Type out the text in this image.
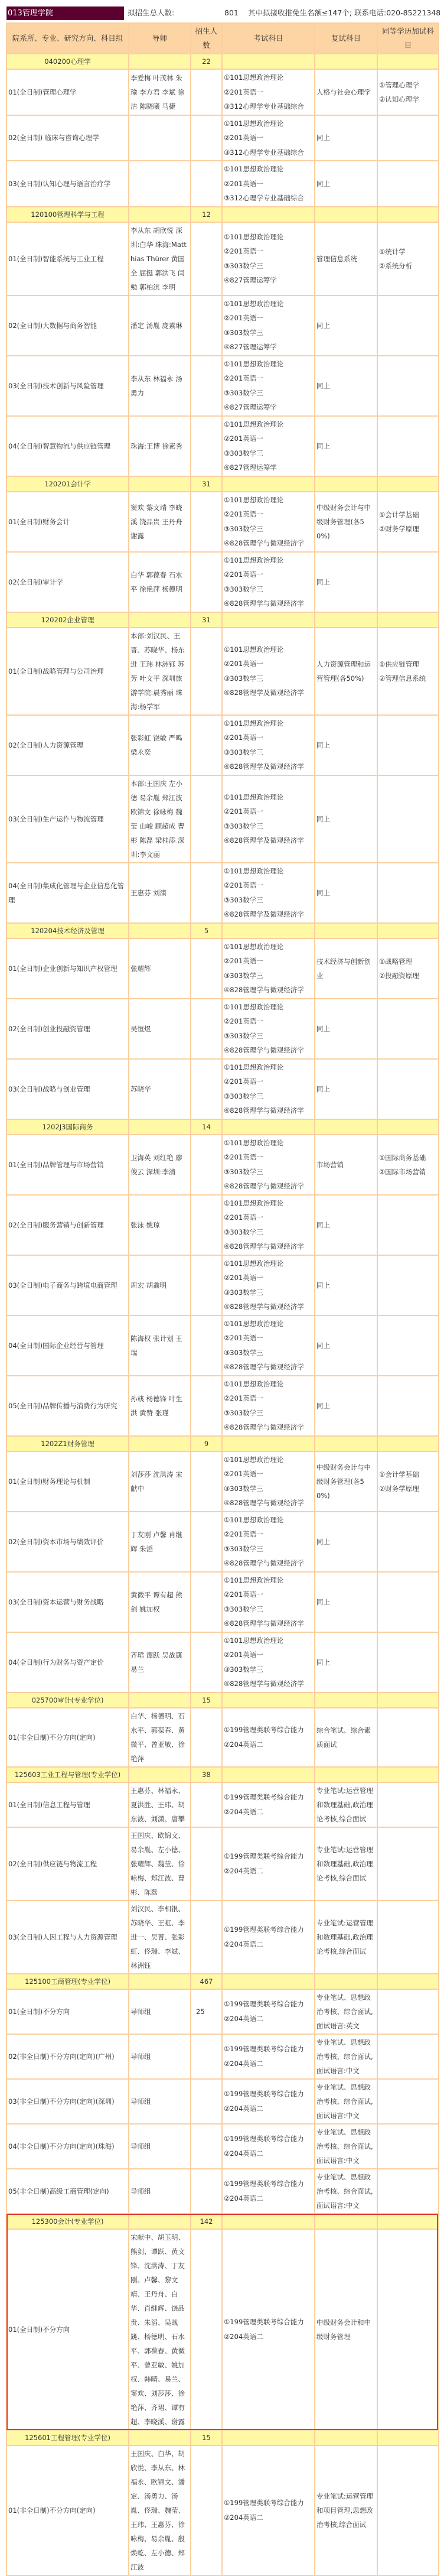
013管理学院	拟招生总人数:	801 其中拟接收推免生名额≤147个; 联系电话:020-85221348
院系所、专业、研究方向、科目组	导师	招生人数	考试科目	复试科目	同等学历加试科目
040200心理学		22			
01(全日制)管理心理学	李爱梅 叶茂林 朱瑜 李方君 李斌 徐洁 陈晓曦 马捷		
①101思想政治理论
②201英语一
③312心理学专业基础综合
	人格与社会心理学	
①管理心理学
②认知心理学

02(全日制) 临床与咨询心理学			①101思想政治理论
②201英语一
③312心理学专业基础综合	同上	
03(全日制)认知心理与语言治疗学			①101思想政治理论
②201英语一
③312心理学专业基础综合	同上	
120100管理科学与工程		12			
01(全日制)智能系统与工业工程	李从东 胡欣悦 深圳:白华 珠海:Matthias Thürer 黄国全 屈挺 郭洪飞 闫勉 郭柏淇 李明		
①101思想政治理论
②201英语一
③303数学三
④827管理运筹学
	管理信息系统	
①统计学
②系统分析

02(全日制)大数据与商务智能	潘定 汤胤 庞素琳		①101思想政治理论
②201英语一
③303数学三
④827管理运筹学	同上	
03(全日制)技术创新与风险管理	李从东 林福永 汤勇力		①101思想政治理论
②201英语一
③303数学三
④827管理运筹学	同上	
04(全日制)智慧物流与供应链管理	珠海:王博 徐素秀		①101思想政治理论
②201英语一
③303数学三
④827管理运筹学	同上	
120201会计学		31			
01(全日制)财务会计	窦欢 黎文靖 李晓溪 饶品贵 王丹舟 谢露		
①101思想政治理论
②201英语一
③303数学三
④828管理学与微观经济学
	中级财务会计与中级财务管理(各50%)	
①会计学基础
②财务学原理

02(全日制)审计学	白华 郭葆春 石水平 徐艳萍 杨德明		①101思想政治理论
②201英语一
③303数学三
④828管理学与微观经济学	同上	
120202企业管理		31			
01(全日制)战略管理与公司治理	本部:刘汉民、王晋、苏晓华、杨东进 王玮 林洲钰 苏芳 叶文平 深圳旅游学院:晨秀丽 珠海:杨学军		
①101思想政治理论
②201英语一
③303数学三
④828管理学及微观经济学
	人力资源管理和运营管理(各50%)	
①供应链管理
②管理信息系统

02(全日制)人力资源管理	张彩虹 饶敏 严鸣 梁永奕		①101思想政治理论
②201英语一
③303数学三
④828管理学及微观经济学	同上	
03(全日制)生产运作与物流管理	本部:王国庆 左小德 易余胤 郑江波 欧锦文 徐咏梅 魏莹 山峻 顾超成 曹彬 陈磊 梁桂添 深圳:李文丽		①101思想政治理论
②201英语一
③303数学三
④828管理学及微观经济学	同上	
04(全日制)集成化管理与企业信息化管理	王惠芬 刘潇		①101思想政治理论
②201英语一
③303数学三
④828管理学及微观经济学	同上	
120204技术经济及管理		5			
01(全日制)企业创新与知识产权管理	张耀辉		
①101思想政治理论
②201英语一
③303数学三
④828管理学与微观经济学
	技术经济与创新创业	
①战略管理
②投融资原理

02(全日制)创业投融资管理	吴恒煜		①101思想政治理论
②201英语一
③303数学三
④828管理学与微观经济学	同上	
03(全日制)战略与创业管理	苏晓华		①101思想政治理论
②201英语一
③303数学三
④828管理学与微观经济学	同上	
1202J3国际商务		14			
01(全日制)品牌管理与市场营销	卫海英 刘红艳 廖俊云 深圳:李清		
①101思想政治理论
②201英语一
③303数学三
④828管理学与微观经济学
	市场营销	
①国际商务基础
②国际市场营销

02(全日制)服务营销与创新管理	张泳 姚琼		①101思想政治理论
②201英语一
③303数学三
④828管理学与微观经济学	同上	
03(全日制)电子商务与跨境电商管理	周宏 胡鑫明		①101思想政治理论
②201英语一
③303数学三
④828管理学与微观经济学	同上	
04(全日制)国际企业经营与管理	陈海权 张计划 王瑞		①101思想政治理论
②201英语一
③303数学三
④828管理学与微观经济学	同上	
05(全日制)品牌传播与消费行为研究	孙彧 杨德锋 叶生洪 黄赞 张瑾		①101思想政治理论
②201英语一
③303数学三
④828管理学与微观经济学	同上	
1202Z1财务管理		9			
01(全日制)财务理论与机制	刘莎莎 沈洪涛 宋献中		
①101思想政治理论
②201英语一
③303数学三
④828管理学与微观经济学
	中级财务会计与中级财务管理(各50%)	
①会计学基础
②财务学原理

02(全日制)资本市场与绩效评价	丁友刚 卢馨 肖继辉 朱滔		①101思想政治理论
②201英语一
③303数学三
④828管理学与微观经济学	同上	
03(全日制)资本运营与财务战略	黄微平 谭有超 熊剑 姚加权		①101思想政治理论
②201英语一
③303数学三
④828管理学与微观经济学	同上	
04(全日制)行为财务与资产定价	齐珺 谭跃 吴战篪 易兰		①101思想政治理论
②201英语一
③303数学三
④828管理学与微观经济学	同上	
025700审计(专业学位)		15			
01(非全日制)不分方向(定向)	白华、杨德明、石水平、郭葆春、黄微平、曾亚敏、徐艳萍		①199管理类联考综合能力
②204英语二	综合笔试、综合素质面试	
125603工业工程与管理(专业学位)		38			
01(全日制)信息工程与管理	王惠芬、林福永、夏洪胜、王玮、胡东波、刘潇、唐攀		①199管理类联考综合能力
②204英语二	专业笔试:运营管理和数理基础,政治理论考核,综合面试	
02(全日制)供应链与物流工程	王国庆、欧锦文、易余胤、左小德、张耀辉、魏莹、徐咏梅、郑江波、曹彬、陈磊		①199管理类联考综合能力
②204英语二	专业笔试:运营管理和数理基础,政治理论考核,综合面试	
03(全日制)人因工程与人力资源管理	刘汉民、李相银、苏晓华、王虹、李进一、吴菁、张彩虹、佟瑞、李斌、林洲钰		①199管理类联考综合能力
②204英语二	专业笔试:运营管理和数理基础,政治理论考核,综合面试	
125100工商管理(专业学位)		467			
01(全日制)不分方向	导师组	25	①199管理类联考综合能力
②204英语二	专业笔试、思想政治考核、综合面试,面试语言:英文	
02(非全日制)不分方向(定向)(广州)	导师组		①199管理类联考综合能力
②204英语二	专业笔试、思想政治考核、综合面试,面试语言:中文	
03(非全日制)不分方向(定向)(深圳)	导师组		①199管理类联考综合能力
②204英语二	专业笔试、思想政治考核、综合面试,面试语言:中文	
04(非全日制)不分方向(定向)(珠海)	导师组		①199管理类联考综合能力
②204英语二	专业笔试、思想政治考核、综合面试,面试语言:中文	
05(非全日制)高级工商管理(定向)	导师组		①199管理类联考综合能力
②204英语二	专业笔试、思想政治考核、综合面试,面试语言:中文	
125300会计(专业学位)		142			
01(全日制)不分方向	宋献中、胡玉明、熊剑、谭跃、黄文锋、沈洪涛、丁友刚、卢馨、黎文靖、王丹舟、白华、肖继辉、饶品贵、朱滔、吴战篪、杨德明、石水平、郭葆春、黄微平、曾亚敏、姚加权、韩晴、易兰、窦欢、刘莎莎、徐艳萍、齐珺、谭有超、李晓溪、谢露		①199管理类联考综合能力
②204英语二	中级财务会计和中级财务管理	
125601工程管理(专业学位)		15			
01(非全日制)不分方向(定向)	王国庆、白华、胡欣悦、李从东、林福永、欧锦文、潘定、汤勇力、汤胤、佟瑞、魏莹、王玮、王惠芬、徐咏梅、易余胤、殷焕乾、左小德、郑江波		①199管理类联考综合能力
②204英语二	专业笔试:运营管理和项目管理,思想政治考核,综合面试	
